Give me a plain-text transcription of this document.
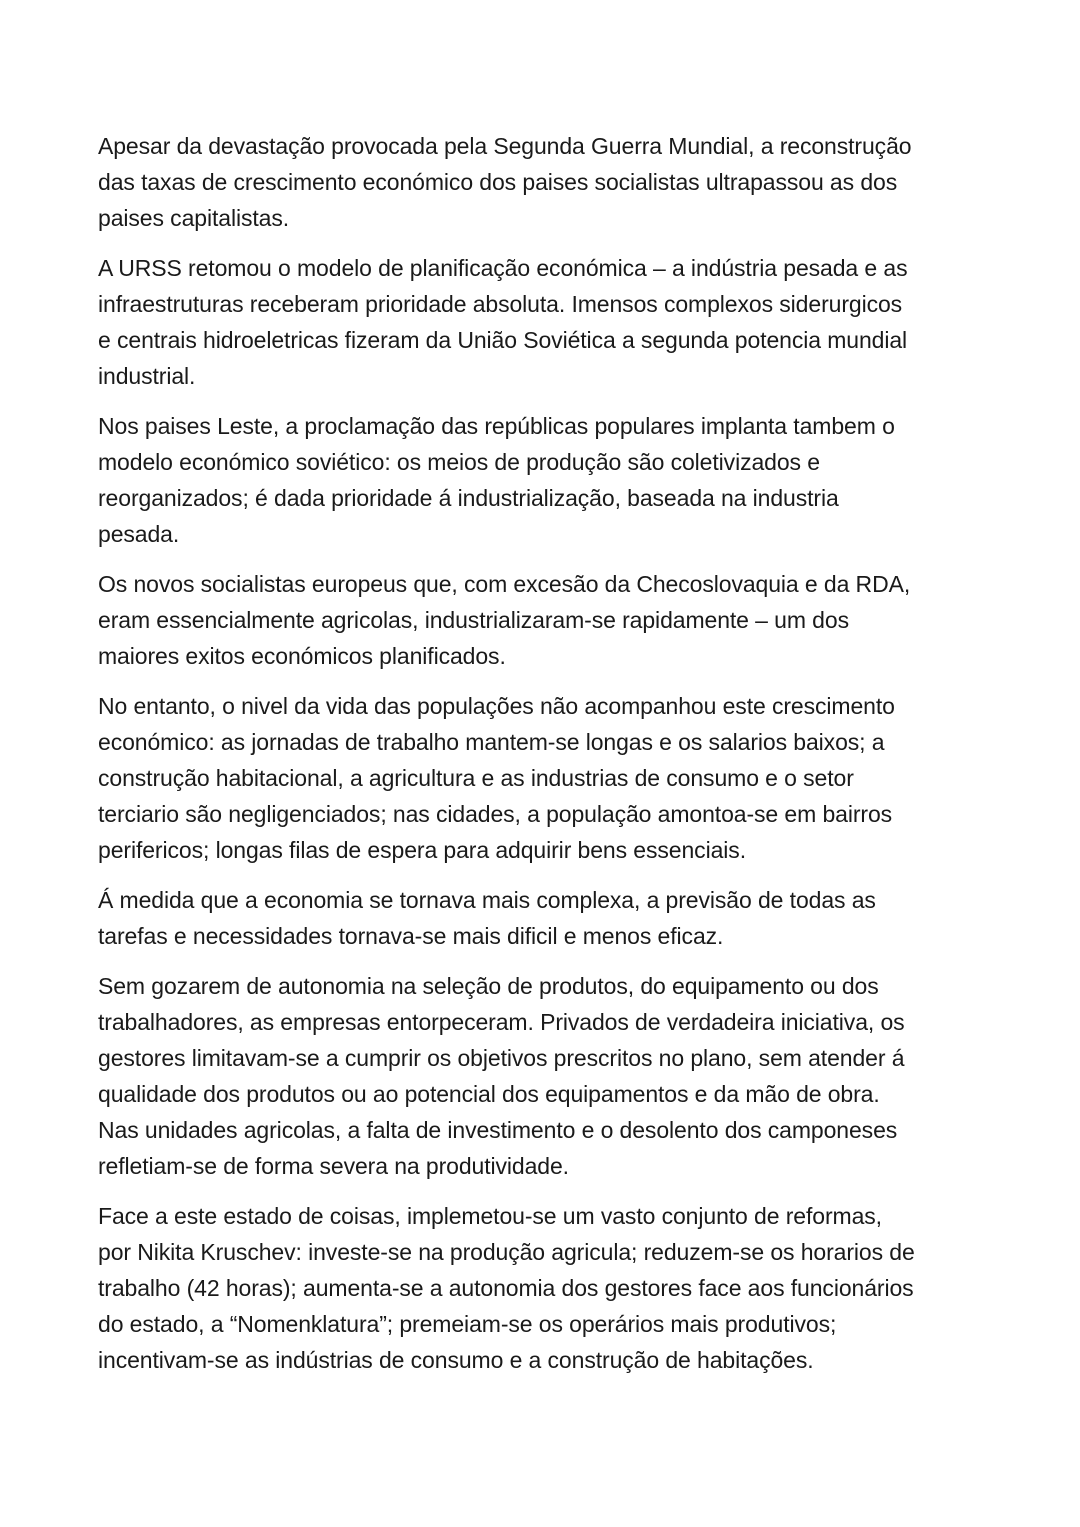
Apesar da devastação provocada pela Segunda Guerra Mundial, a reconstrução
das taxas de crescimento económico dos paises socialistas ultrapassou as dos
paises capitalistas.

A URSS retomou o modelo de planificação económica – a indústria pesada e as
infraestruturas receberam prioridade absoluta. Imensos complexos siderurgicos
e centrais hidroeletricas fizeram da União Soviética a segunda potencia mundial
industrial.

Nos paises Leste, a proclamação das repúblicas populares implanta tambem o
modelo económico soviético: os meios de produção são coletivizados e
reorganizados; é dada prioridade á industrialização, baseada na industria
pesada.

Os novos socialistas europeus que, com excesão da Checoslovaquia e da RDA,
eram essencialmente agricolas, industrializaram-se rapidamente – um dos
maiores exitos económicos planificados.

No entanto, o nivel da vida das populações não acompanhou este crescimento
económico: as jornadas de trabalho mantem-se longas e os salarios baixos; a
construção habitacional, a agricultura e as industrias de consumo e o setor
terciario são negligenciados; nas cidades, a população amontoa-se em bairros
perifericos; longas filas de espera para adquirir bens essenciais.

Á medida que a economia se tornava mais complexa, a previsão de todas as
tarefas e necessidades tornava-se mais dificil e menos eficaz.

Sem gozarem de autonomia na seleção de produtos, do equipamento ou dos
trabalhadores, as empresas entorpeceram. Privados de verdadeira iniciativa, os
gestores limitavam-se a cumprir os objetivos prescritos no plano, sem atender á
qualidade dos produtos ou ao potencial dos equipamentos e da mão de obra.
Nas unidades agricolas, a falta de investimento e o desolento dos camponeses
refletiam-se de forma severa na produtividade.

Face a este estado de coisas, implemetou-se um vasto conjunto de reformas,
por Nikita Kruschev: investe-se na produção agricula; reduzem-se os horarios de
trabalho (42 horas); aumenta-se a autonomia dos gestores face aos funcionários
do estado, a “Nomenklatura”; premeiam-se os operários mais produtivos;
incentivam-se as indústrias de consumo e a construção de habitações.
